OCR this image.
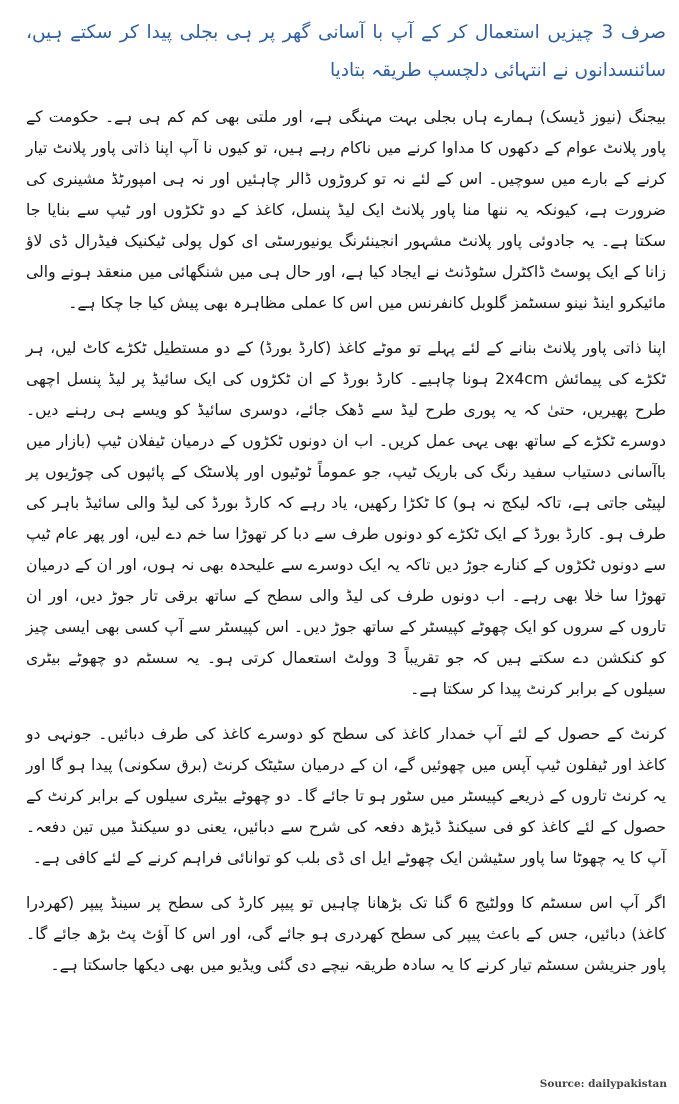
صرف 3 چیزیں استعمال کر کے آپ با آسانی گھر پر ہی بجلی پیدا کر سکتے ہیں، سائنسدانوں نے انتہائی دلچسپ طریقہ بتادیا

بیجنگ (نیوز ڈیسک) ہمارے ہاں بجلی بہت مہنگی ہے، اور ملتی بھی کم کم ہی ہے۔ حکومت کے پاور پلانٹ عوام کے دکھوں کا مداوا کرنے میں ناکام رہے ہیں، تو کیوں نا آپ اپنا ذاتی پاور پلانٹ تیار کرنے کے بارے میں سوچیں۔ اس کے لئے نہ تو کروڑوں ڈالر چاہئیں اور نہ ہی امپورٹڈ مشینری کی ضرورت ہے، کیونکہ یہ ننھا منا پاور پلانٹ ایک لیڈ پنسل، کاغذ کے دو ٹکڑوں اور ٹیپ سے بنایا جا سکتا ہے۔ یہ جادوئی پاور پلانٹ مشہور انجینئرنگ یونیورسٹی ای کول پولی ٹیکنیک فیڈرال ڈی لاؤ زانا کے ایک پوسٹ ڈاکٹرل سٹوڈنٹ نے ایجاد کیا ہے، اور حال ہی میں شنگھائی میں منعقد ہونے والی مائیکرو اینڈ نینو سسٹمز گلوبل کانفرنس میں اس کا عملی مظاہرہ بھی پیش کیا جا چکا ہے۔

اپنا ذاتی پاور پلانٹ بنانے کے لئے پہلے تو موٹے کاغذ (کارڈ بورڈ) کے دو مستطیل ٹکڑے کاٹ لیں، ہر ٹکڑے کی پیمائش 2x4cm ہونا چاہیے۔ کارڈ بورڈ کے ان ٹکڑوں کی ایک سائیڈ پر لیڈ پنسل اچھی طرح پھیریں، حتیٰ کہ یہ پوری طرح لیڈ سے ڈھک جائے، دوسری سائیڈ کو ویسے ہی رہنے دیں۔ دوسرے ٹکڑے کے ساتھ بھی یہی عمل کریں۔ اب ان دونوں ٹکڑوں کے درمیان ٹیفلان ٹیپ (بازار میں باآسانی دستیاب سفید رنگ کی باریک ٹیپ، جو عموماً ٹوٹیوں اور پلاسٹک کے پائپوں کی چوڑیوں پر لپیٹی جاتی ہے، تاکہ لیکج نہ ہو) کا ٹکڑا رکھیں، یاد رہے کہ کارڈ بورڈ کی لیڈ والی سائیڈ باہر کی طرف ہو۔ کارڈ بورڈ کے ایک ٹکڑے کو دونوں طرف سے دبا کر تھوڑا سا خم دے لیں، اور پھر عام ٹیپ سے دونوں ٹکڑوں کے کنارے جوڑ دیں تاکہ یہ ایک دوسرے سے علیحدہ بھی نہ ہوں، اور ان کے درمیان تھوڑا سا خلا بھی رہے۔ اب دونوں طرف کی لیڈ والی سطح کے ساتھ برقی تار جوڑ دیں، اور ان تاروں کے سروں کو ایک چھوٹے کپیسٹر کے ساتھ جوڑ دیں۔ اس کپیسٹر سے آپ کسی بھی ایسی چیز کو کنکشن دے سکتے ہیں کہ جو تقریباً 3 وولٹ استعمال کرتی ہو۔ یہ سسٹم دو چھوٹے بیٹری سیلوں کے برابر کرنٹ پیدا کر سکتا ہے۔

کرنٹ کے حصول کے لئے آپ خمدار کاغذ کی سطح کو دوسرے کاغذ کی طرف دبائیں۔ جونہی دو کاغذ اور ٹیفلون ٹیپ آپس میں چھوئیں گے، ان کے درمیان سٹیٹک کرنٹ (برق سکونی) پیدا ہو گا اور یہ کرنٹ تاروں کے ذریعے کپیسٹر میں سٹور ہو تا جائے گا۔ دو چھوٹے بیٹری سیلوں کے برابر کرنٹ کے حصول کے لئے کاغذ کو فی سیکنڈ ڈیڑھ دفعہ کی شرح سے دبائیں، یعنی دو سیکنڈ میں تین دفعہ۔ آپ کا یہ چھوٹا سا پاور سٹیشن ایک چھوٹے ایل ای ڈی بلب کو توانائی فراہم کرنے کے لئے کافی ہے۔

اگر آپ اس سسٹم کا وولٹیج 6 گنا تک بڑھانا چاہیں تو پیپر کارڈ کی سطح پر سینڈ پیپر (کھردرا کاغذ) دبائیں، جس کے باعث پیپر کی سطح کھردری ہو جائے گی، اور اس کا آؤٹ پٹ بڑھ جائے گا۔ پاور جنریشن سسٹم تیار کرنے کا یہ سادہ طریقہ نیچے دی گئی ویڈیو میں بھی دیکھا جاسکتا ہے۔

Source: dailypakistan
